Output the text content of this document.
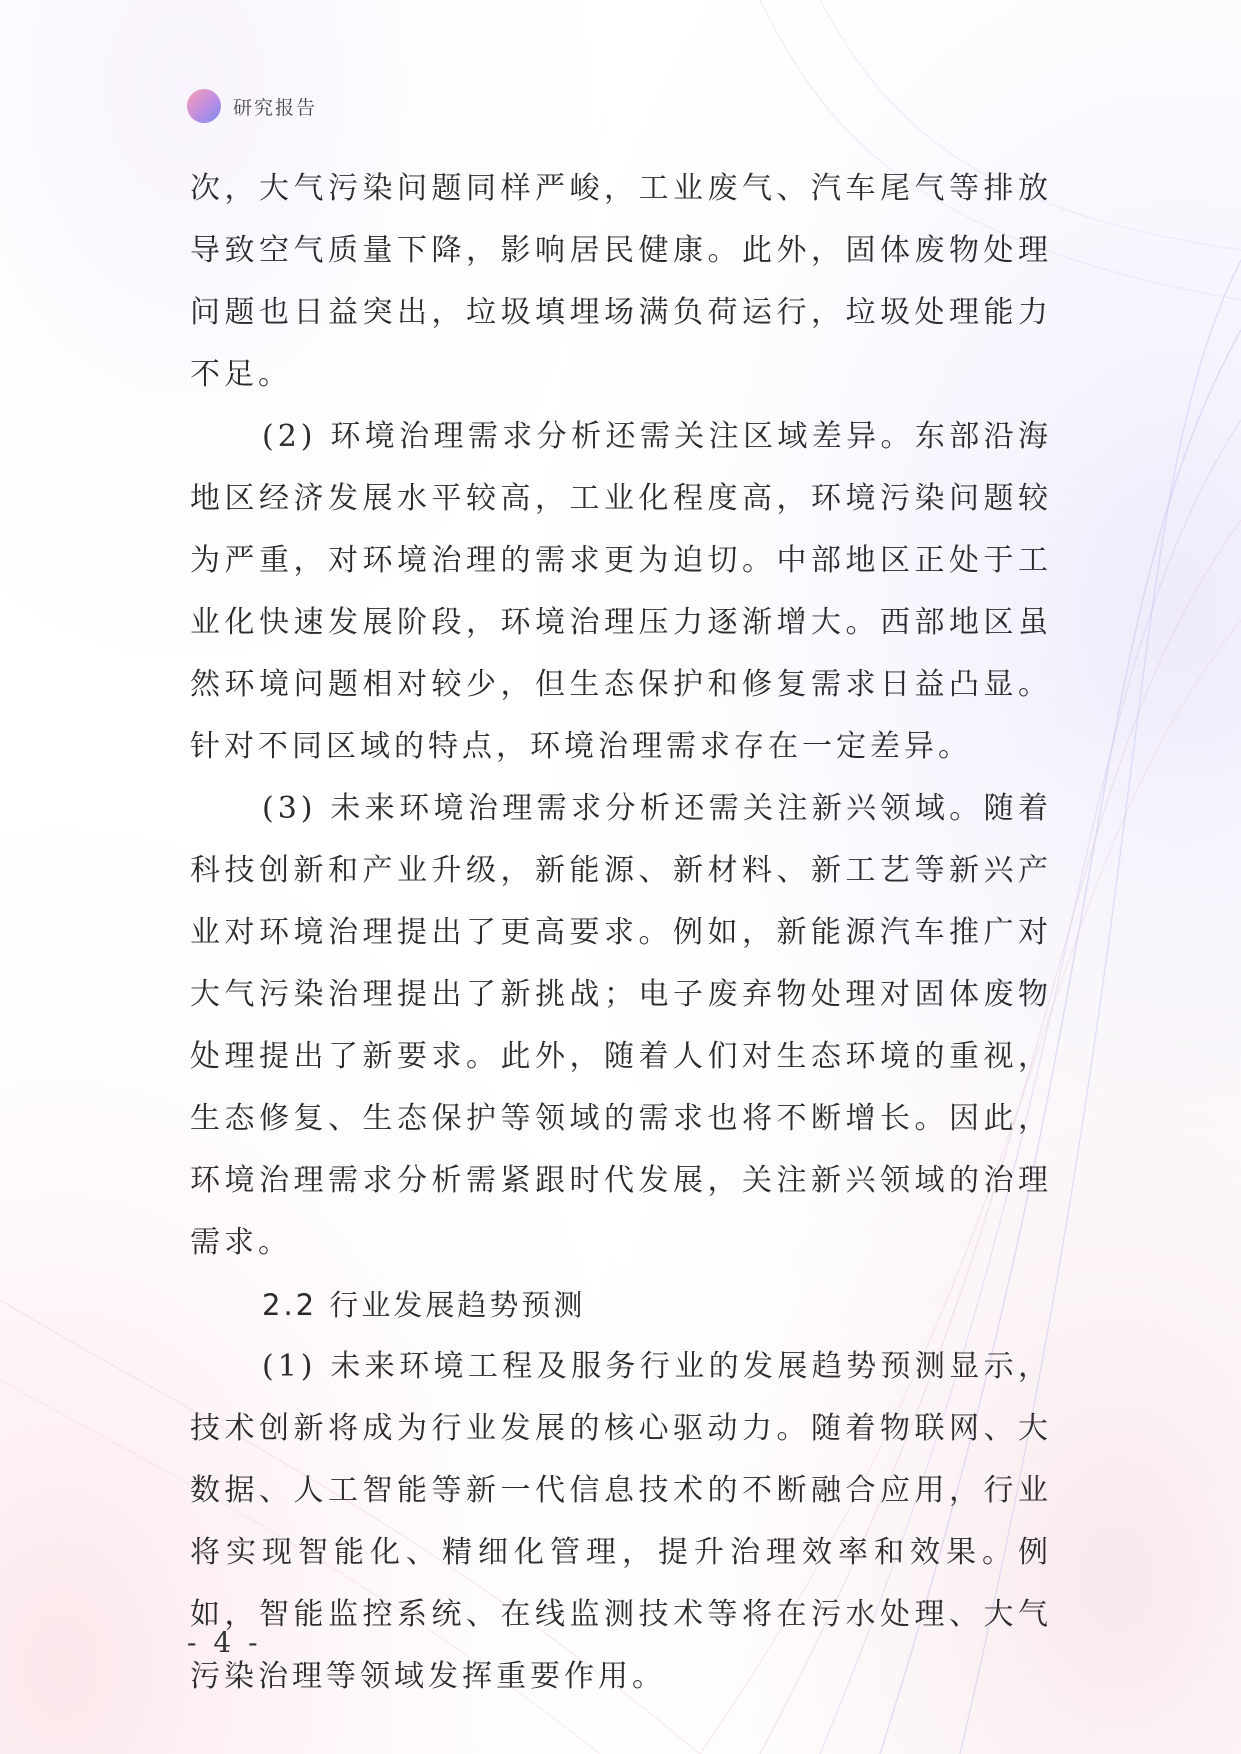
研究报告

次，大气污染问题同样严峻，工业废气、汽车尾气等排放导致空气质量下降，影响居民健康。此外，固体废物处理问题也日益突出，垃圾填埋场满负荷运行，垃圾处理能力不足。

(2) 环境治理需求分析还需关注区域差异。东部沿海地区经济发展水平较高，工业化程度高，环境污染问题较为严重，对环境治理的需求更为迫切。中部地区正处于工业化快速发展阶段，环境治理压力逐渐增大。西部地区虽然环境问题相对较少，但生态保护和修复需求日益凸显。针对不同区域的特点，环境治理需求存在一定差异。

(3) 未来环境治理需求分析还需关注新兴领域。随着科技创新和产业升级，新能源、新材料、新工艺等新兴产业对环境治理提出了更高要求。例如，新能源汽车推广对大气污染治理提出了新挑战；电子废弃物处理对固体废物处理提出了新要求。此外，随着人们对生态环境的重视，生态修复、生态保护等领域的需求也将不断增长。因此，环境治理需求分析需紧跟时代发展，关注新兴领域的治理需求。

2.2 行业发展趋势预测

(1) 未来环境工程及服务行业的发展趋势预测显示，技术创新将成为行业发展的核心驱动力。随着物联网、大数据、人工智能等新一代信息技术的不断融合应用，行业将实现智能化、精细化管理，提升治理效率和效果。例如，智能监控系统、在线监测技术等将在污水处理、大气污染治理等领域发挥重要作用。

- 4 -
